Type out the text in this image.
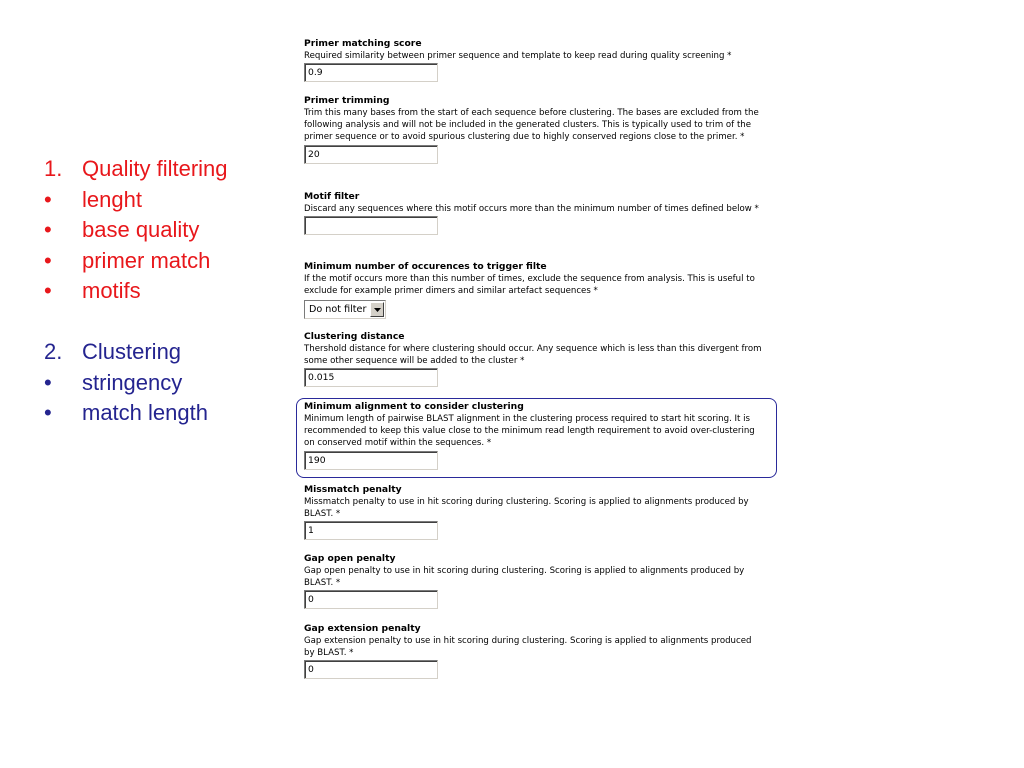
1. Quality filtering
•	lenght
•	base quality
•	primer match
•	motifs
2. Clustering
•	stringency
•	match length
Primer matching score
Required similarity between primer sequence and template to keep read during quality screening *
0.9
Primer trimming
Trim this many bases from the start of each sequence before clustering. The bases are excluded from the following analysis and will not be included in the generated clusters. This is typically used to trim of the primer sequence or to avoid spurious clustering due to highly conserved regions close to the primer. *
20
Motif filter
Discard any sequences where this motif occurs more than the minimum number of times defined below *
Minimum number of occurences to trigger filte
If the motif occurs more than this number of times, exclude the sequence from analysis. This is useful to exclude for example primer dimers and similar artefact sequences *
Do not filter
Clustering distance
Thershold distance for where clustering should occur. Any sequence which is less than this divergent from some other sequence will be added to the cluster *
0.015
Minimum alignment to consider clustering
Minimum length of pairwise BLAST alignment in the clustering process required to start hit scoring. It is recommended to keep this value close to the minimum read length requirement to avoid over-clustering on conserved motif within the sequences. *
190
Missmatch penalty
Missmatch penalty to use in hit scoring during clustering. Scoring is applied to alignments produced by BLAST. *
1
Gap open penalty
Gap open penalty to use in hit scoring during clustering. Scoring is applied to alignments produced by BLAST. *
0
Gap extension penalty
Gap extension penalty to use in hit scoring during clustering. Scoring is applied to alignments produced by BLAST. *
0
